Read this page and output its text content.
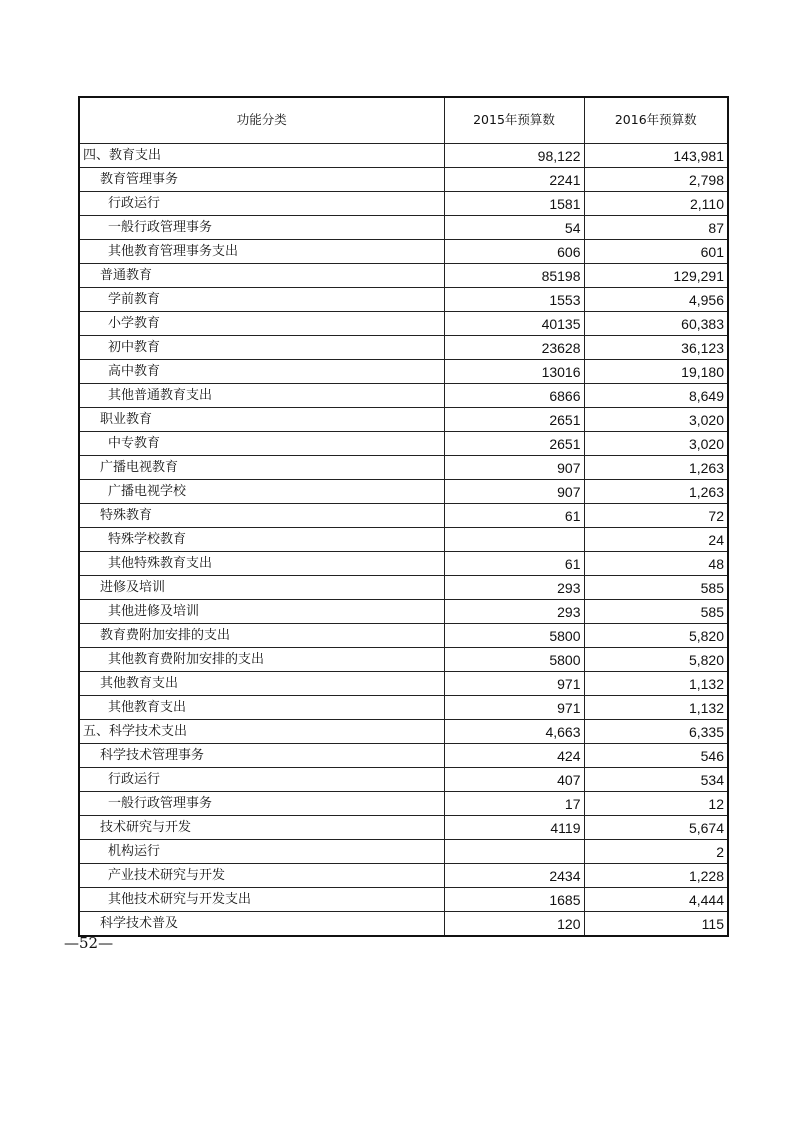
功能分类	2015年预算数	2016年预算数
四、教育支出	98,122	143,981
教育管理事务	2241	2,798
行政运行	1581	2,110
一般行政管理事务	54	87
其他教育管理事务支出	606	601
普通教育	85198	129,291
学前教育	1553	4,956
小学教育	40135	60,383
初中教育	23628	36,123
高中教育	13016	19,180
其他普通教育支出	6866	8,649
职业教育	2651	3,020
中专教育	2651	3,020
广播电视教育	907	1,263
广播电视学校	907	1,263
特殊教育	61	72
特殊学校教育		24
其他特殊教育支出	61	48
进修及培训	293	585
其他进修及培训	293	585
教育费附加安排的支出	5800	5,820
其他教育费附加安排的支出	5800	5,820
其他教育支出	971	1,132
其他教育支出	971	1,132
五、科学技术支出	4,663	6,335
科学技术管理事务	424	546
行政运行	407	534
一般行政管理事务	17	12
技术研究与开发	4119	5,674
机构运行		2
产业技术研究与开发	2434	1,228
其他技术研究与开发支出	1685	4,444
科学技术普及	120	115
—52—
